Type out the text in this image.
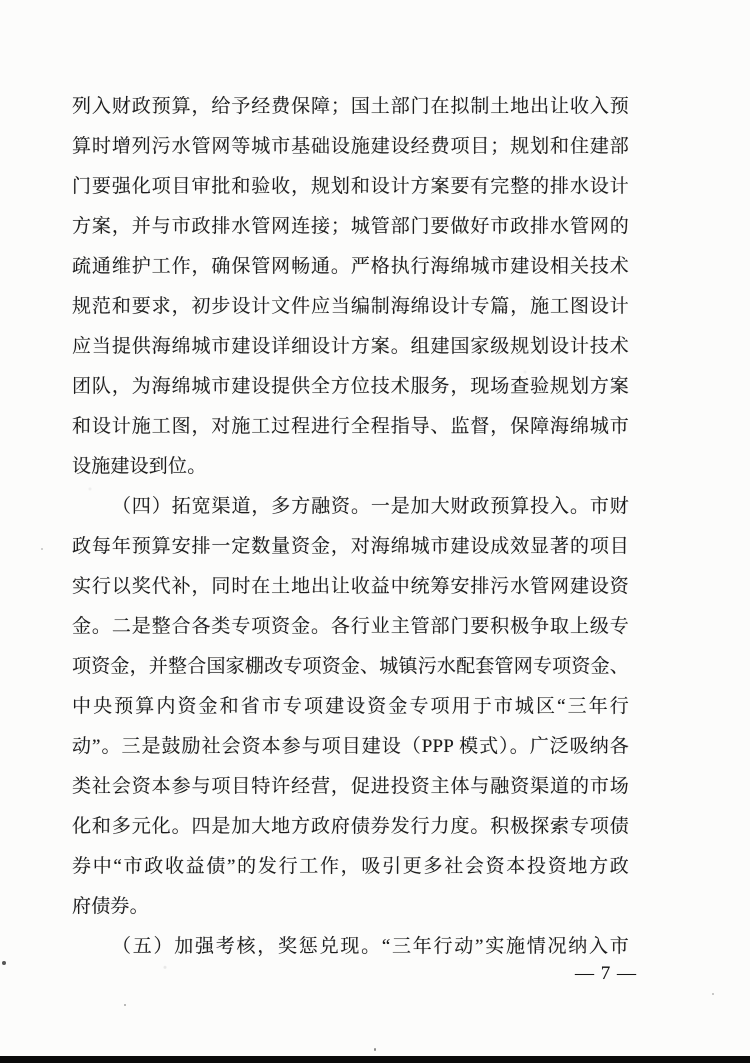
列入财政预算，给予经费保障；国土部门在拟制土地出让收入预
算时增列污水管网等城市基础设施建设经费项目；规划和住建部
门要强化项目审批和验收，规划和设计方案要有完整的排水设计
方案，并与市政排水管网连接；城管部门要做好市政排水管网的
疏通维护工作，确保管网畅通。严格执行海绵城市建设相关技术
规范和要求，初步设计文件应当编制海绵设计专篇，施工图设计
应当提供海绵城市建设详细设计方案。组建国家级规划设计技术
团队，为海绵城市建设提供全方位技术服务，现场查验规划方案
和设计施工图，对施工过程进行全程指导、监督，保障海绵城市
设施建设到位。
（四）拓宽渠道，多方融资。一是加大财政预算投入。市财
政每年预算安排一定数量资金，对海绵城市建设成效显著的项目
实行以奖代补，同时在土地出让收益中统筹安排污水管网建设资
金。二是整合各类专项资金。各行业主管部门要积极争取上级专
项资金，并整合国家棚改专项资金、城镇污水配套管网专项资金、
中央预算内资金和省市专项建设资金专项用于市城区“三年行
动”。三是鼓励社会资本参与项目建设（PPP 模式）。广泛吸纳各
类社会资本参与项目特许经营，促进投资主体与融资渠道的市场
化和多元化。四是加大地方政府债券发行力度。积极探索专项债
券中“市政收益债”的发行工作，吸引更多社会资本投资地方政
府债券。
（五）加强考核，奖惩兑现。“三年行动”实施情况纳入市
— 7 —
